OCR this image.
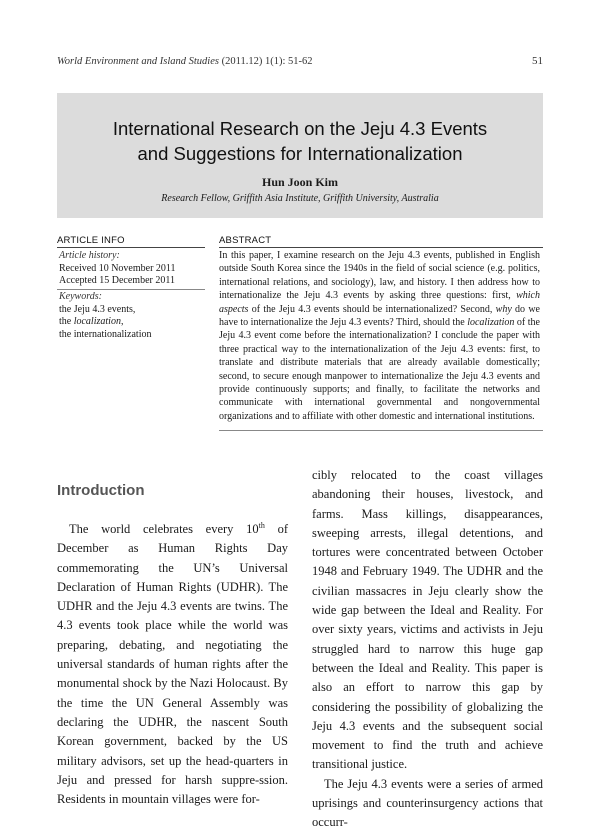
World Environment and Island Studies (2011.12) 1(1): 51-62	51
International Research on the Jeju 4.3 Events
and Suggestions for Internationalization
Hun Joon Kim
Research Fellow, Griffith Asia Institute, Griffith University, Australia
ARTICLE INFO
Article history:
Received 10 November 2011
Accepted 15 December 2011
Keywords:
the Jeju 4.3 events,
the localization,
the internationalization
ABSTRACT
In this paper, I examine research on the Jeju 4.3 events, published in English outside South Korea since the 1940s in the field of social science (e.g. politics, international relations, and sociology), law, and history. I then address how to internationalize the Jeju 4.3 events by asking three questions: first, which aspects of the Jeju 4.3 events should be internationalized? Second, why do we have to internationalize the Jeju 4.3 events? Third, should the localization of the Jeju 4.3 event come before the internationalization? I conclude the paper with three practical way to the internationalization of the Jeju 4.3 events: first, to translate and distribute materials that are already available domestically; second, to secure enough manpower to internationalize the Jeju 4.3 events and provide continuously supports; and finally, to facilitate the networks and communicate with international governmental and nongovernmental organizations and to affiliate with other domestic and international institutions.
Introduction
The world celebrates every 10th of December as Human Rights Day commemorating the UN’s Universal Declaration of Human Rights (UDHR). The UDHR and the Jeju 4.3 events are twins. The 4.3 events took place while the world was preparing, debating, and negotiating the universal standards of human rights after the monumental shock by the Nazi Holocaust. By the time the UN General Assembly was declaring the UDHR, the nascent South Korean government, backed by the US military advisors, set up the head-quarters in Jeju and pressed for harsh suppre-ssion. Residents in mountain villages were for-
cibly relocated to the coast villages abandoning their houses, livestock, and farms. Mass killings, disappearances, sweeping arrests, illegal detentions, and tortures were concentrated between October 1948 and February 1949. The UDHR and the civilian massacres in Jeju clearly show the wide gap between the Ideal and Reality. For over sixty years, victims and activists in Jeju struggled hard to narrow this huge gap between the Ideal and Reality. This paper is also an effort to narrow this gap by considering the possibility of globalizing the Jeju 4.3 events and the subsequent social movement to find the truth and achieve transitional justice.
The Jeju 4.3 events were a series of armed uprisings and counterinsurgency actions that occurr-
